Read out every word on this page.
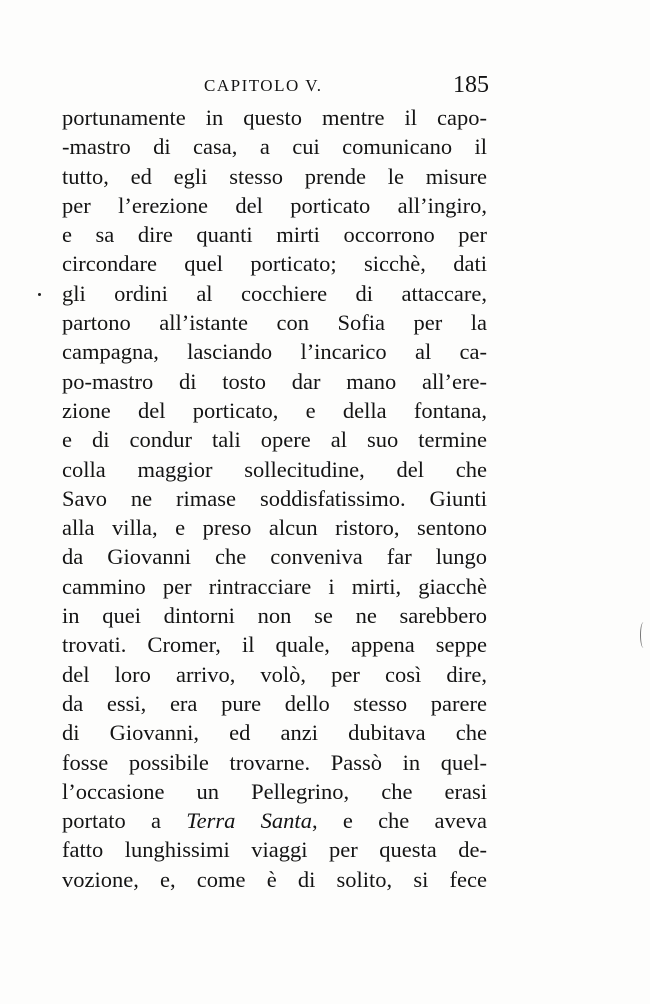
CAPITOLO V.	185
portunamente in questo mentre il capo-
-mastro di casa, a cui comunicano il
tutto, ed egli stesso prende le misure
per l’erezione del porticato all’ingiro,
e sa dire quanti mirti occorrono per
circondare quel porticato; sicchè, dati
gli ordini al cocchiere di attaccare,
partono all’istante con Sofia per la
campagna, lasciando l’incarico al ca-
po-mastro di tosto dar mano all’ere-
zione del porticato, e della fontana,
e di condur tali opere al suo termine
colla maggior sollecitudine, del che
Savo ne rimase soddisfatissimo. Giunti
alla villa, e preso alcun ristoro, sentono
da Giovanni che conveniva far lungo
cammino per rintracciare i mirti, giacchè
in quei dintorni non se ne sarebbero
trovati. Cromer, il quale, appena seppe
del loro arrivo, volò, per così dire,
da essi, era pure dello stesso parere
di Giovanni, ed anzi dubitava che
fosse possibile trovarne. Passò in quel-
l’occasione un Pellegrino, che erasi
portato a Terra Santa, e che aveva
fatto lunghissimi viaggi per questa de-
vozione, e, come è di solito, si fece
